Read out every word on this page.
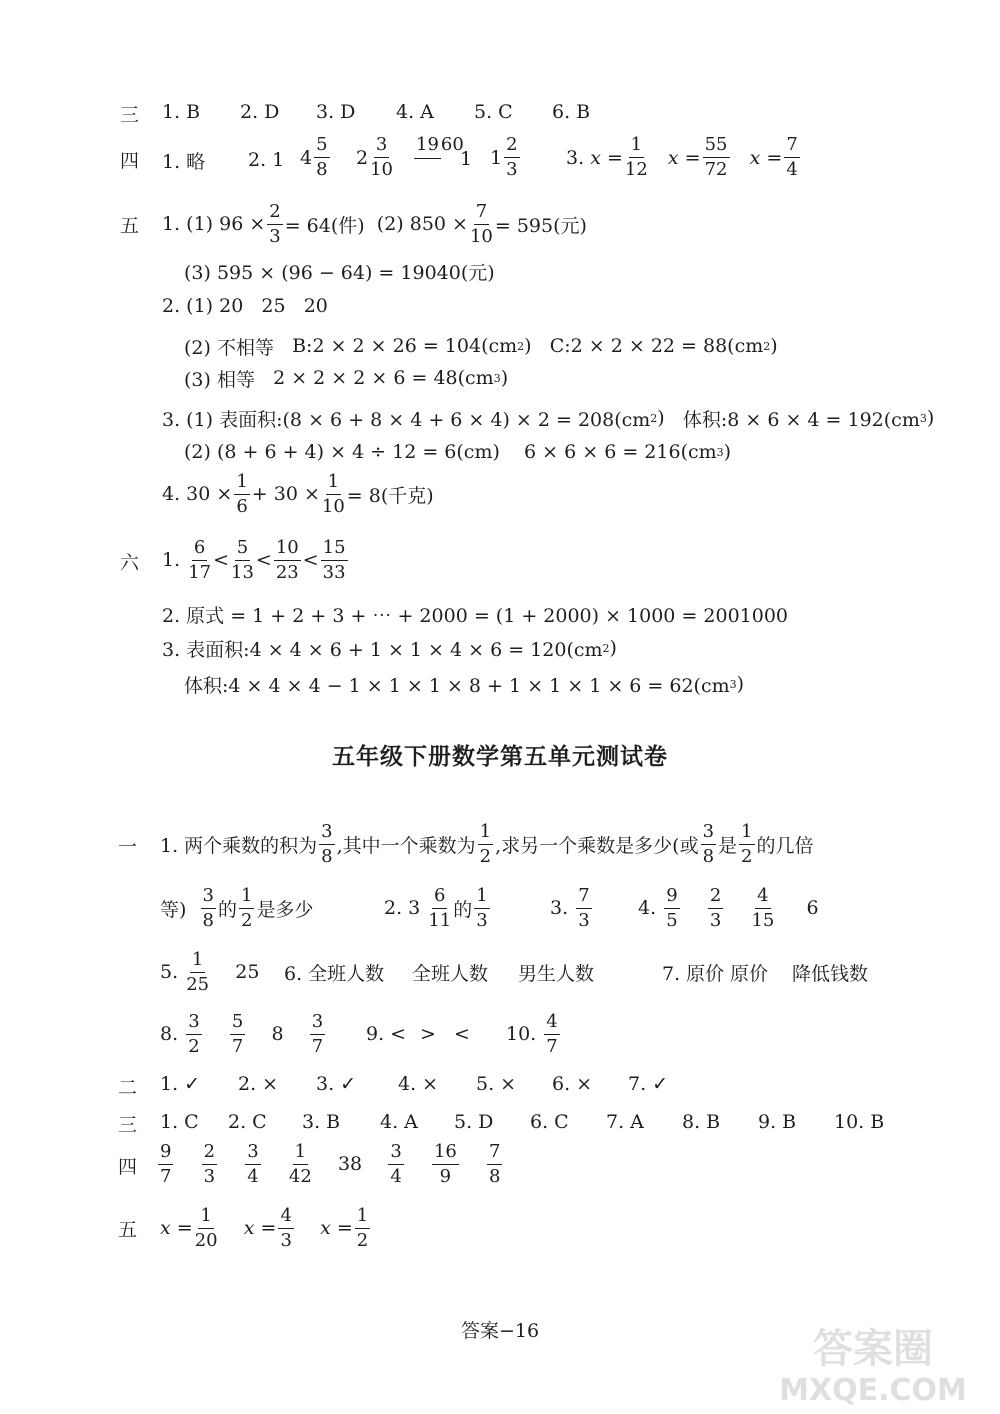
三 1. B 2. D 3. D 4. A 5. C 6. B
四 1. 略 2. 1 $4 \frac{5}{8} 2 \frac{3}{10} 19$ 60
1 $1 \frac{2}{3} 3$.
x
= $\frac{1}{12}$
x
= $\frac{55}{72}$
x
= $\frac{7}{4}$
五 1. (1) $96 \times \frac{2}{3} = 64$(件)
(2) $850 \times \frac{7}{10} = 595$(元)
(3) 595 × (96 − 64) = 19040(元)
2. (1) 20   25   20
(2) 不相等
B:2 × 2 × 26 = 104(cm 2 )
C:2 × 2 × 22 = 88(cm 2 )
(3) 相等
2 × 2 × 2 × 6 = 48(cm 3 )
3. (1) 表面积:(8 × 6 + 8 × 4 + 6 × 4) × 2 = 208(cm 2 )
体积:8 × 6 × 4 = 192(cm 3 )
(2) (8 + 6 + 4) × 4 ÷ 12 = 6(cm)
6 × 6 × 6 = 216(cm 3 )
4. $30 \times \frac{1}{6} + 30 \times \frac{1}{10} = 8$(千克)
六 1.
$\frac{6}{17} < \frac{5}{13} < \frac{10}{23} < \frac{15}{33}$
2. 原式 = 1 + 2 + 3 + ⋯ + 2000 = (1 + 2000) × 1000 = 2001000
3. 表面积:4 × 4 × 6 + 1 × 1 × 4 × 6 = 120(cm 2 )
体积:4 × 4 × 4 − 1 × 1 × 1 × 8 + 1 × 1 × 1 × 6 = 62(cm 3 )
五年级下册数学第五单元测试卷
一 1. 两个乘数的积为 $\frac{3}{8}$ ,其中一个乘数为 $\frac{1}{2}$ ,求另一个乘数是多少(或 $\frac{3}{8}$ 是 $\frac{1}{2}$ 的几倍
等)
$\frac{3}{8}$ 的 $\frac{1}{2}$ 是多少	2. 3
$\frac{6}{11}$ 的 $\frac{1}{3}$	3.
$\frac{7}{3} 4$.
$\frac{9}{5}$
$\frac{2}{3}$
$\frac{4}{15}$
6
5.
$\frac{1}{25}$
25 6. 全班人数 全班人数 男生人数	7. 原价 原价 降低钱数
8.
$\frac{3}{2}$
$\frac{5}{7}$
8
$\frac{3}{7} 9$. < > < 10.
$\frac{4}{7}$
二 1. ✓ 2. × 3. ✓ 4. × 5. × 6. × 7. ✓
三 1. C 2. C 3. B 4. A 5. D 6. C 7. A 8. B 9. B 10. B
四 $\frac{9}{7}$
$\frac{2}{3}$
$\frac{3}{4}$
$\frac{1}{42}$
38
$\frac{3}{4}$
$\frac{16}{9}$
$\frac{7}{8}$
五 x
= $\frac{1}{20}$
x
= $\frac{4}{3}$
x
= $\frac{1}{2}$
答案−16	答案圈
MXQE.COM
